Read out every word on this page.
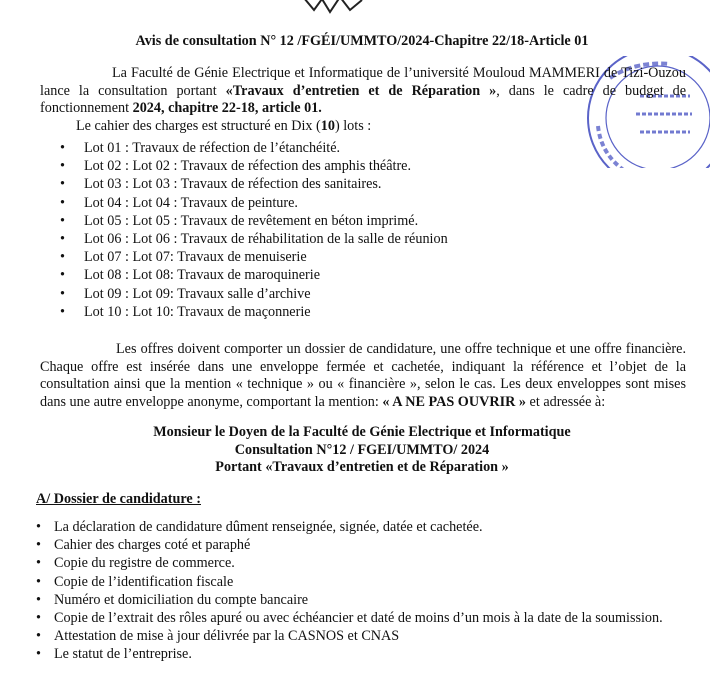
Avis de consultation N° 12 /FGÉI/UMMTO/2024-Chapitre 22/18-Article 01

La Faculté de Génie Electrique et Informatique de l’université Mouloud MAMMERI de Tizi-Ouzou lance la consultation portant «Travaux d’entretien et de Réparation », dans le cadre de budget de fonctionnement 2024, chapitre 22-18, article 01.

Le cahier des charges est structuré en Dix (10) lots :
• Lot 01 : Travaux de réfection de l’étanchéité.
• Lot 02 : Lot 02 : Travaux de réfection des amphis théâtre.
• Lot 03 : Lot 03 : Travaux de réfection des sanitaires.
• Lot 04 : Lot 04 : Travaux de peinture.
• Lot 05 : Lot 05 : Travaux de revêtement en béton imprimé.
• Lot 06 : Lot 06 : Travaux de réhabilitation de la salle de réunion
• Lot 07 : Lot 07: Travaux de menuiserie
• Lot 08 : Lot 08: Travaux de maroquinerie
• Lot 09 : Lot 09: Travaux salle d’archive
• Lot 10 : Lot 10: Travaux de maçonnerie

Les offres doivent comporter un dossier de candidature, une offre technique et une offre financière. Chaque offre est insérée dans une enveloppe fermée et cachetée, indiquant la référence et l’objet de la consultation ainsi que la mention « technique » ou « financière », selon le cas. Les deux enveloppes sont mises dans une autre enveloppe anonyme, comportant la mention: « A NE PAS OUVRIR » et adressée à:

Monsieur le Doyen de la Faculté de Génie Electrique et Informatique
Consultation N°12 / FGEI/UMMTO/ 2024
Portant «Travaux d’entretien et de Réparation »
A/ Dossier de candidature :
• La déclaration de candidature dûment renseignée, signée, datée et cachetée.
• Cahier des charges coté et paraphé
• Copie du registre de commerce.
• Copie de l’identification fiscale
• Numéro et domiciliation du compte bancaire
• Copie de l’extrait des rôles apuré ou avec échéancier et daté de moins d’un mois à la date de la soumission.
• Attestation de mise à jour délivrée par la CASNOS et CNAS
• Le statut de l’entreprise.
